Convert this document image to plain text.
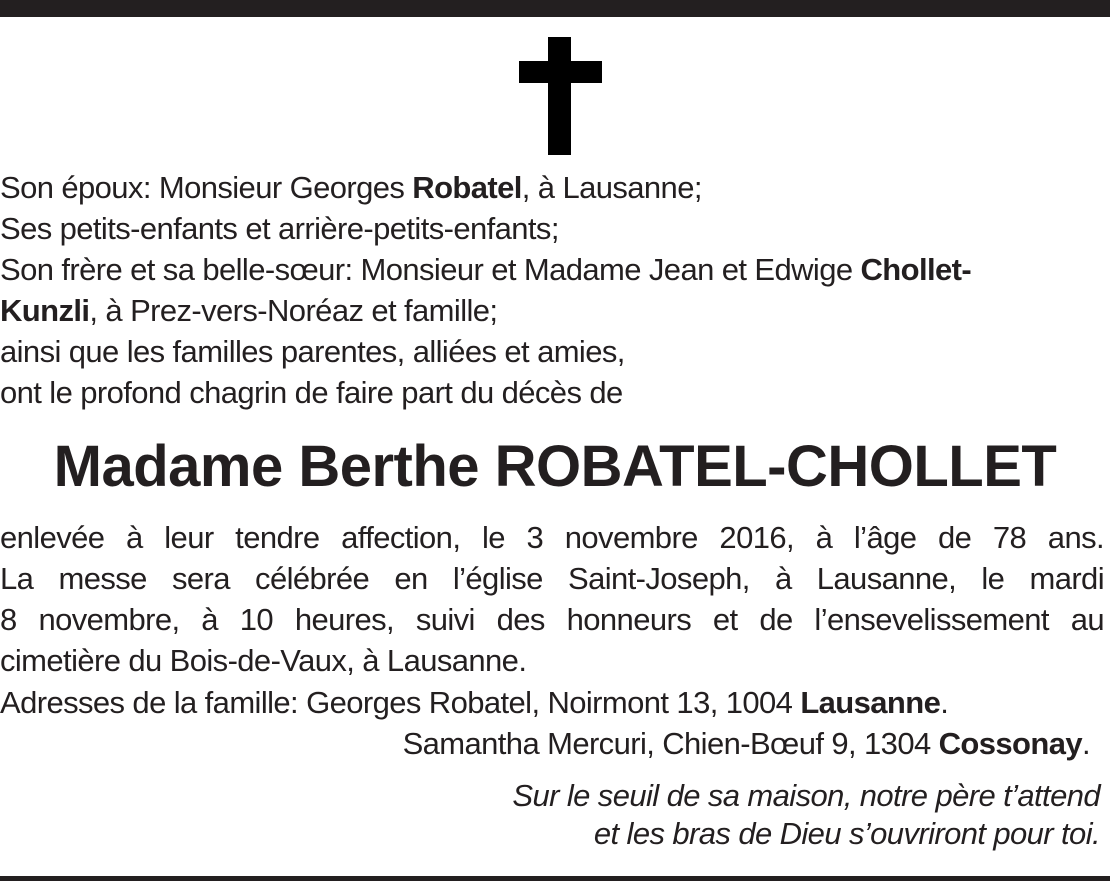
Son époux: Monsieur Georges Robatel, à Lausanne;
Ses petits-enfants et arrière-petits-enfants;
Son frère et sa belle-sœur: Monsieur et Madame Jean et Edwige Chollet-
Kunzli, à Prez-vers-Noréaz et famille;
ainsi que les familles parentes, alliées et amies,
ont le profond chagrin de faire part du décès de
Madame Berthe ROBATEL-CHOLLET
enlevée à leur tendre affection, le 3 novembre 2016, à l’âge de 78 ans.
La messe sera célébrée en l’église Saint-Joseph, à Lausanne, le mardi
8 novembre, à 10 heures, suivi des honneurs et de l’ensevelissement au
cimetière du Bois-de-Vaux, à Lausanne.
Adresses de la famille: Georges Robatel, Noirmont 13, 1004 Lausanne.
Samantha Mercuri, Chien-Bœuf 9, 1304 Cossonay.
Sur le seuil de sa maison, notre père t’attend
et les bras de Dieu s’ouvriront pour toi.
